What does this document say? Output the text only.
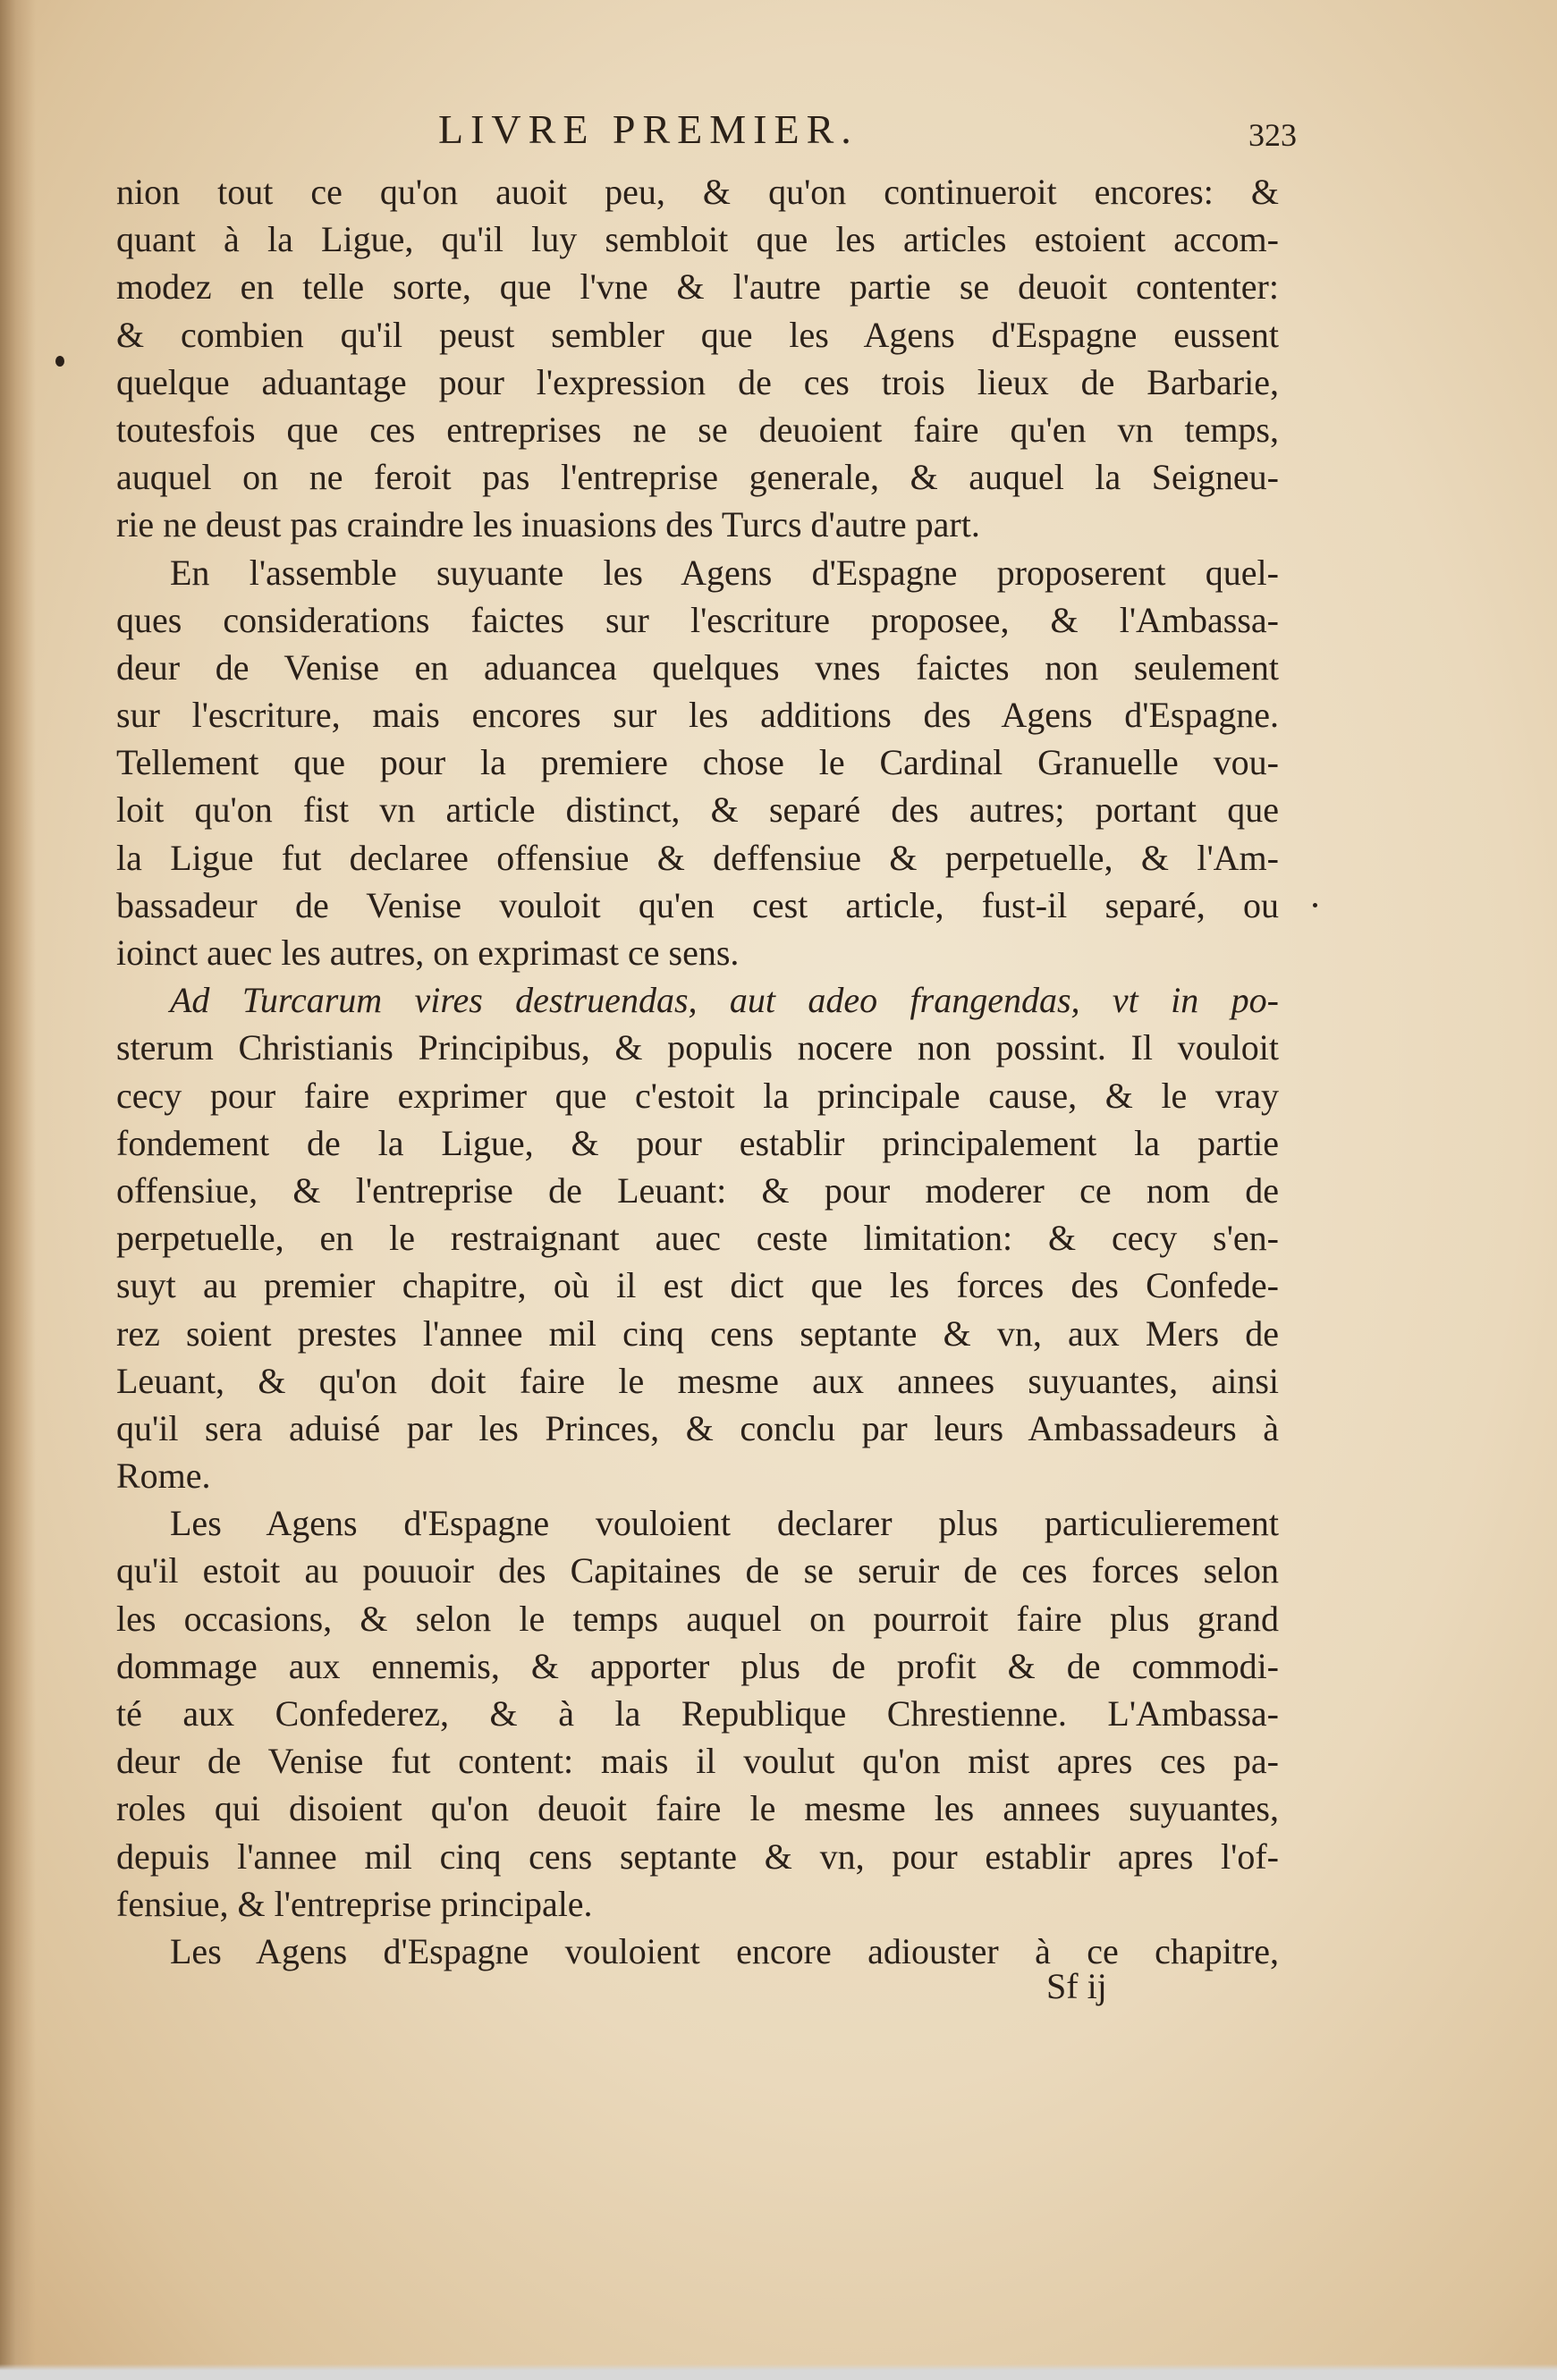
LIVRE PREMIER.	323
nion tout ce qu'on auoit peu, & qu'on continueroit encores: &
quant à la Ligue, qu'il luy sembloit que les articles estoient accom-
modez en telle sorte, que l'vne & l'autre partie se deuoit contenter:
& combien qu'il peust sembler que les Agens d'Espagne eussent
quelque aduantage pour l'expression de ces trois lieux de Barbarie,
toutesfois que ces entreprises ne se deuoient faire qu'en vn temps,
auquel on ne feroit pas l'entreprise generale, & auquel la Seigneu-
rie ne deust pas craindre les inuasions des Turcs d'autre part.
En l'assemble suyuante les Agens d'Espagne proposerent quel-
ques considerations faictes sur l'escriture proposee, & l'Ambassa-
deur de Venise en aduancea quelques vnes faictes non seulement
sur l'escriture, mais encores sur les additions des Agens d'Espagne.
Tellement que pour la premiere chose le Cardinal Granuelle vou-
loit qu'on fist vn article distinct, & separé des autres; portant que
la Ligue fut declaree offensiue & deffensiue & perpetuelle, & l'Am-
bassadeur de Venise vouloit qu'en cest article, fust-il separé, ou
ioinct auec les autres, on exprimast ce sens.
Ad Turcarum vires destruendas, aut adeo frangendas, vt in po-
sterum Christianis Principibus, & populis nocere non possint. Il vouloit
cecy pour faire exprimer que c'estoit la principale cause, & le vray
fondement de la Ligue, & pour establir principalement la partie
offensiue, & l'entreprise de Leuant: & pour moderer ce nom de
perpetuelle, en le restraignant auec ceste limitation: & cecy s'en-
suyt au premier chapitre, où il est dict que les forces des Confede-
rez soient prestes l'annee mil cinq cens septante & vn, aux Mers de
Leuant, & qu'on doit faire le mesme aux annees suyuantes, ainsi
qu'il sera aduisé par les Princes, & conclu par leurs Ambassadeurs à
Rome.
Les Agens d'Espagne vouloient declarer plus particulierement
qu'il estoit au pouuoir des Capitaines de se seruir de ces forces selon
les occasions, & selon le temps auquel on pourroit faire plus grand
dommage aux ennemis, & apporter plus de profit & de commodi-
té aux Confederez, & à la Republique Chrestienne. L'Ambassa-
deur de Venise fut content: mais il voulut qu'on mist apres ces pa-
roles qui disoient qu'on deuoit faire le mesme les annees suyuantes,
depuis l'annee mil cinq cens septante & vn, pour establir apres l'of-
fensiue, & l'entreprise principale.
Les Agens d'Espagne vouloient encore adiouster à ce chapitre,
Sf ij
